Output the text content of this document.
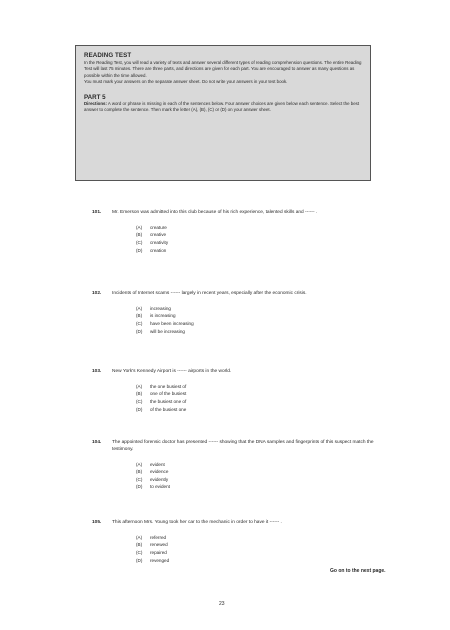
READING TEST

In the Reading Test, you will read a variety of texts and answer several different types of reading comprehension questions. The entire Reading Test will last 75 minutes. There are three parts, and directions are given for each part. You are encouraged to answer as many questions as possible within the time allowed.

You must mark your answers on the separate answer sheet. Do not write your answers in your test book.

PART 5

Directions: A word or phrase is missing in each of the sentences below. Four answer choices are given below each sentence. Select the best answer to complete the sentence. Then mark the letter (A), (B), (C) or (D) on your answer sheet.

101. Mr. Emerson was admitted into this club because of his rich experience, talented skills and ------ .
(A) creature
(B) creative
(C) creativity
(D) creation
102. Incidents of Internet scams ------ largely in recent years, especially after the economic crisis.
(A) increasing
(B) is increasing
(C) have been increasing
(D) will be increasing
103. New York's Kennedy Airport is ------ airports in the world.
(A) the one busiest of
(B) one of the busiest
(C) the busiest one of
(D) of the busiest one
104. The appointed forensic doctor has presented ------ showing that the DNA samples and fingerprints of this suspect match the testimony.
(A) evident
(B) evidence
(C) evidently
(D) to evident
105. This afternoon Mrs. Young took her car to the mechanic in order to have it ------ .
(A) referred
(B) renewed
(C) repaired
(D) revenged
Go on to the next page.
23
